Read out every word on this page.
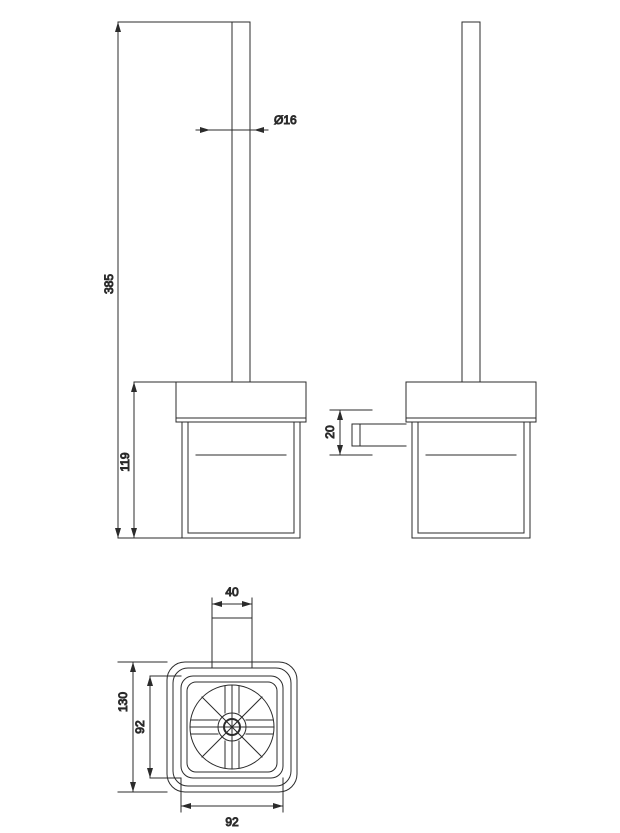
Ø16
385
119
20
40
130
92
92
